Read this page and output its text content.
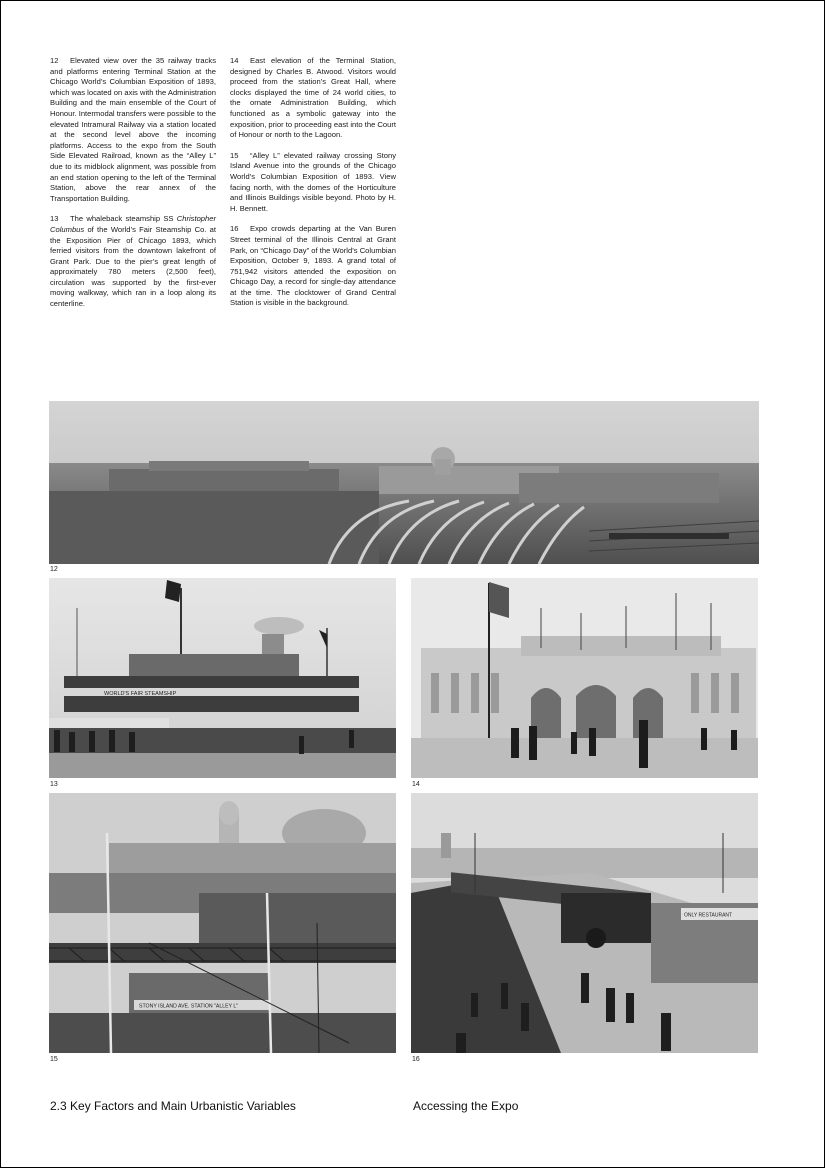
12 Elevated view over the 35 railway tracks and platforms entering Terminal Station at the Chicago World’s Columbian Exposition of 1893, which was located on axis with the Administration Building and the main ensemble of the Court of Honour. Intermodal transfers were possible to the elevated Intramural Railway via a station located at the second level above the incoming platforms. Access to the expo from the South Side Elevated Railroad, known as the “Alley L” due to its midblock alignment, was possible from an end station opening to the left of the Terminal Station, above the rear annex of the Transportation Building.

13 The whaleback steamship SS Christopher Columbus of the World’s Fair Steamship Co. at the Exposition Pier of Chicago 1893, which ferried visitors from the downtown lakefront of Grant Park. Due to the pier’s great length of approximately 780 meters (2,500 feet), circulation was supported by the first-ever moving walkway, which ran in a loop along its centerline.

14 East elevation of the Terminal Station, designed by Charles B. Atwood. Visitors would proceed from the station’s Great Hall, where clocks displayed the time of 24 world cities, to the ornate Administration Building, which functioned as a symbolic gateway into the exposition, prior to proceeding east into the Court of Honour or north to the Lagoon.

15 “Alley L” elevated railway crossing Stony Island Avenue into the grounds of the Chicago World’s Columbian Exposition of 1893. View facing north, with the domes of the Horticulture and Illinois Buildings visible beyond. Photo by H. H. Bennett.

16 Expo crowds departing at the Van Buren Street terminal of the Illinois Central at Grant Park, on “Chicago Day” of the World’s Columbian Exposition, October 9, 1893. A grand total of 751,942 visitors attended the exposition on Chicago Day, a record for single-day attendance at the time. The clocktower of Grand Central Station is visible in the background.

12
WORLD'S FAIR STEAMSHIP
13	14
STONY ISLAND AVE. STATION "ALLEY L"
15
ONLY RESTAURANT
16
2.3 Key Factors and Main Urbanistic Variables	Accessing the Expo
